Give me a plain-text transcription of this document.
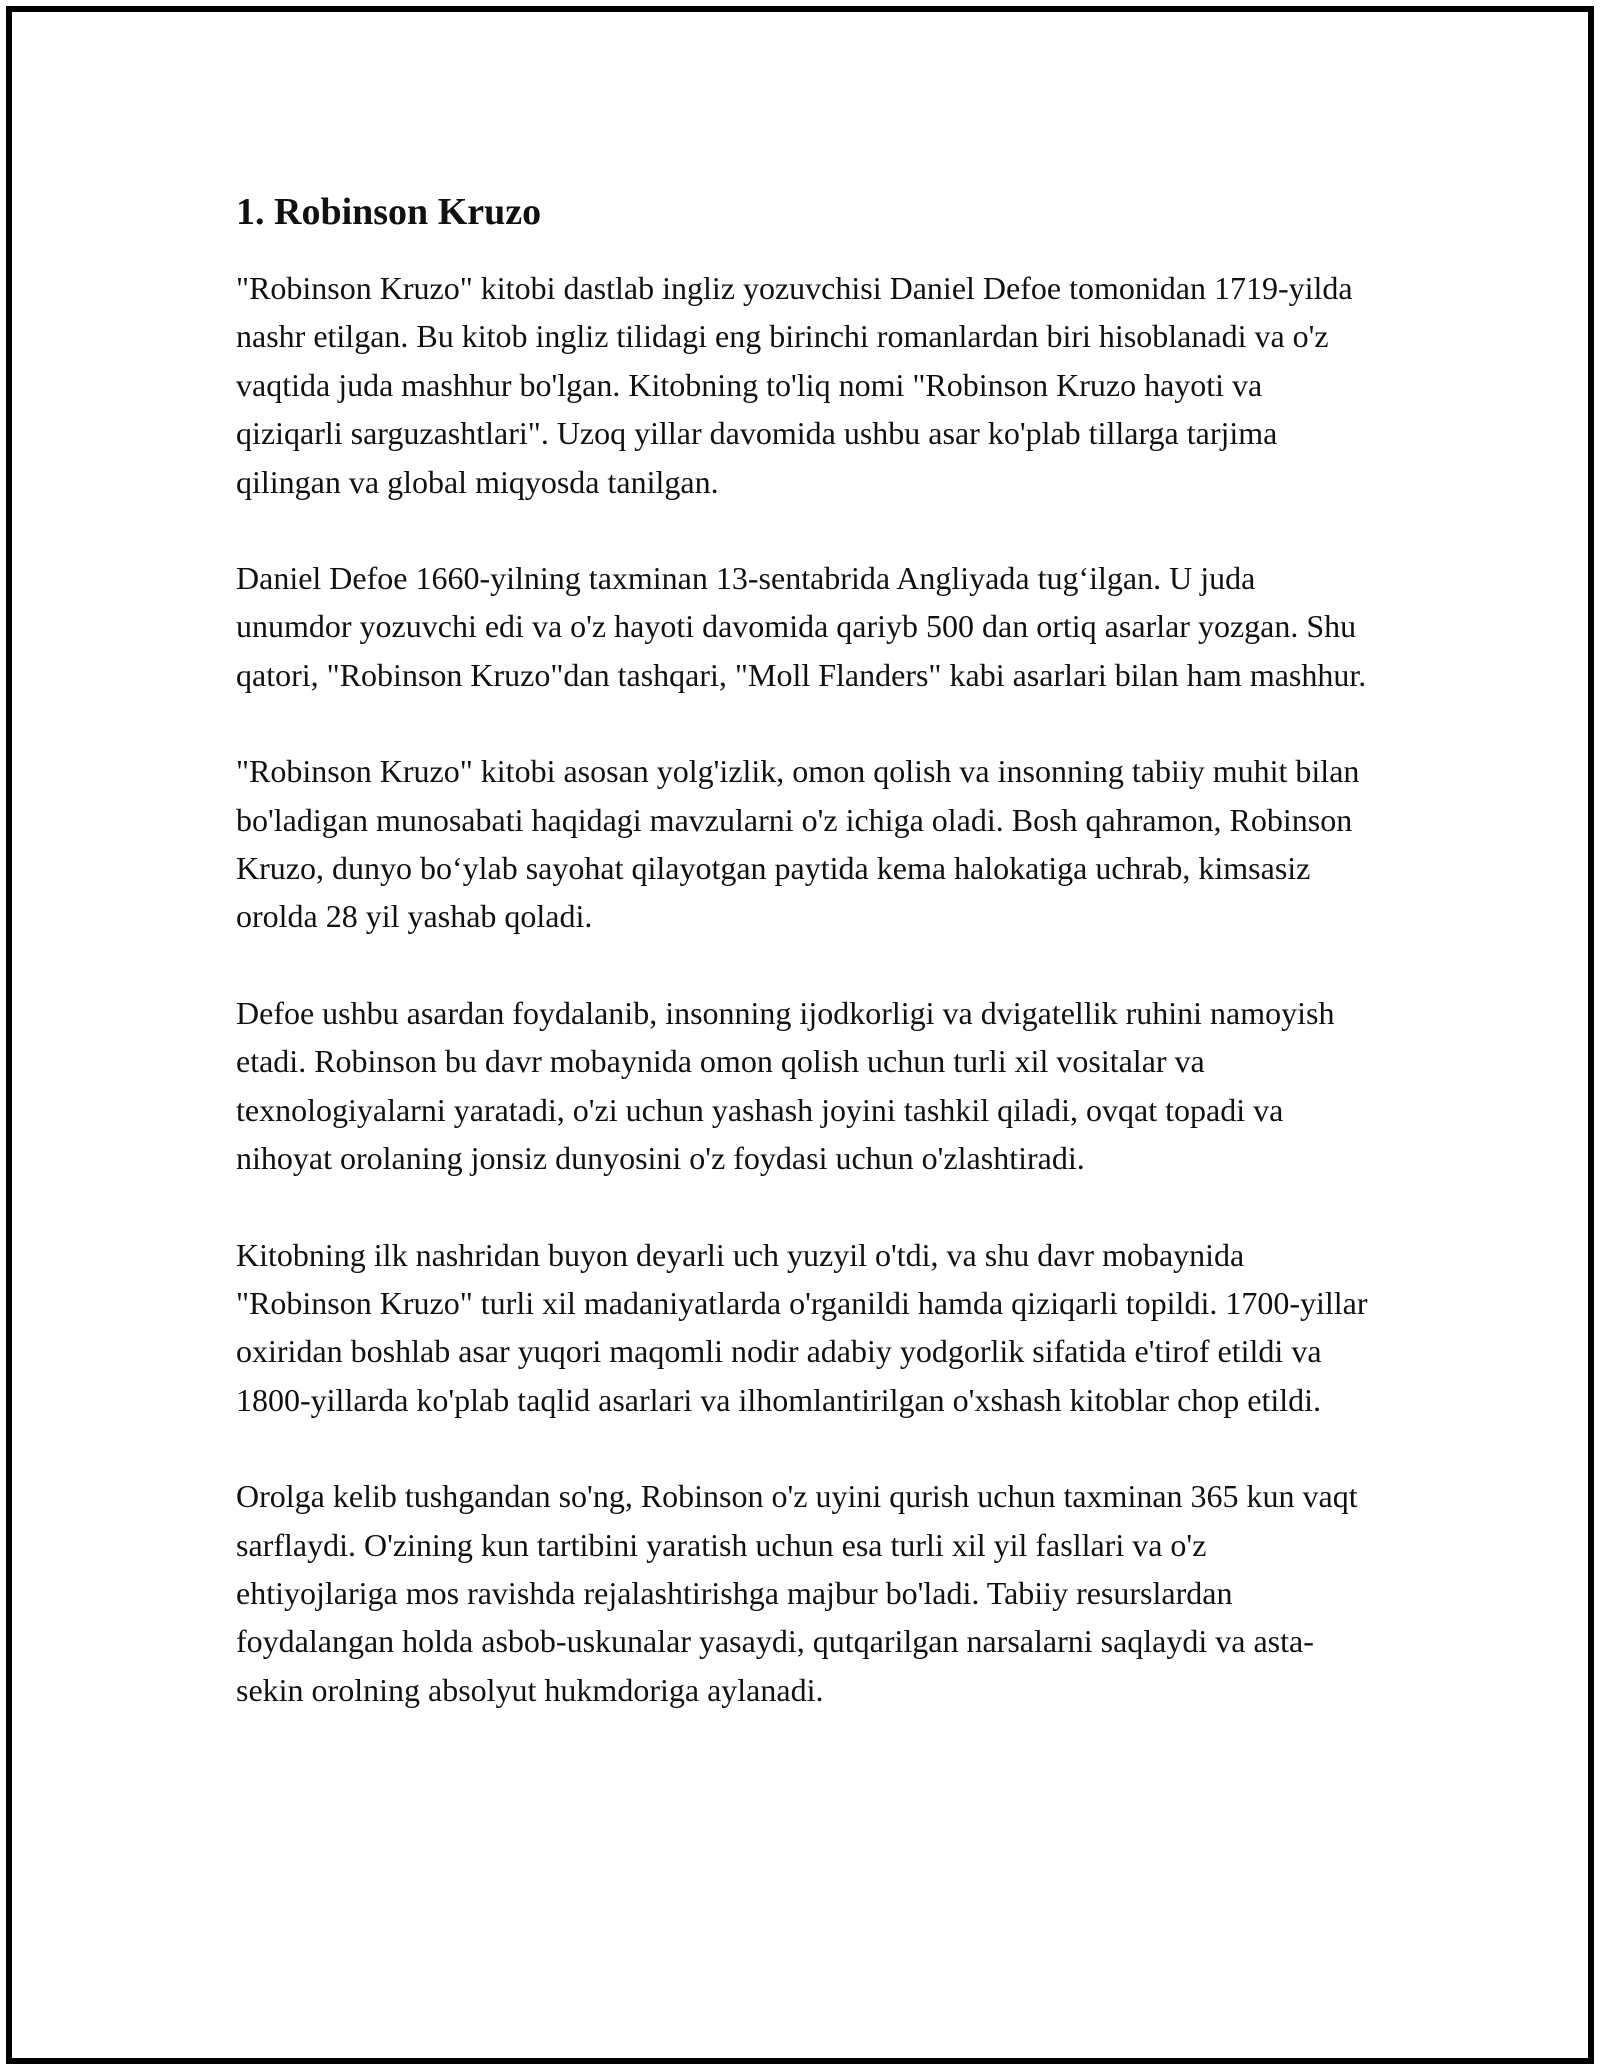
1. Robinson Kruzo

"Robinson Kruzo" kitobi dastlab ingliz yozuvchisi Daniel Defoe tomonidan 1719-yilda nashr etilgan. Bu kitob ingliz tilidagi eng birinchi romanlardan biri hisoblanadi va o'z vaqtida juda mashhur bo'lgan. Kitobning to'liq nomi "Robinson Kruzo hayoti va qiziqarli sarguzashtlari". Uzoq yillar davomida ushbu asar ko'plab tillarga tarjima qilingan va global miqyosda tanilgan.

Daniel Defoe 1660-yilning taxminan 13-sentabrida Angliyada tug‘ilgan. U juda unumdor yozuvchi edi va o'z hayoti davomida qariyb 500 dan ortiq asarlar yozgan. Shu qatori, "Robinson Kruzo"dan tashqari, "Moll Flanders" kabi asarlari bilan ham mashhur.

"Robinson Kruzo" kitobi asosan yolg'izlik, omon qolish va insonning tabiiy muhit bilan bo'ladigan munosabati haqidagi mavzularni o'z ichiga oladi. Bosh qahramon, Robinson Kruzo, dunyo bo‘ylab sayohat qilayotgan paytida kema halokatiga uchrab, kimsasiz orolda 28 yil yashab qoladi.

Defoe ushbu asardan foydalanib, insonning ijodkorligi va dvigatellik ruhini namoyish etadi. Robinson bu davr mobaynida omon qolish uchun turli xil vositalar va texnologiyalarni yaratadi, o'zi uchun yashash joyini tashkil qiladi, ovqat topadi va nihoyat orolaning jonsiz dunyosini o'z foydasi uchun o'zlashtiradi.

Kitobning ilk nashridan buyon deyarli uch yuzyil o'tdi, va shu davr mobaynida "Robinson Kruzo" turli xil madaniyatlarda o'rganildi hamda qiziqarli topildi. 1700-yillar oxiridan boshlab asar yuqori maqomli nodir adabiy yodgorlik sifatida e'tirof etildi va 1800-yillarda ko'plab taqlid asarlari va ilhomlantirilgan o'xshash kitoblar chop etildi.

Orolga kelib tushgandan so'ng, Robinson o'z uyini qurish uchun taxminan 365 kun vaqt sarflaydi. O'zining kun tartibini yaratish uchun esa turli xil yil fasllari va o'z ehtiyojlariga mos ravishda rejalashtirishga majbur bo'ladi. Tabiiy resurslardan foydalangan holda asbob-uskunalar yasaydi, qutqarilgan narsalarni saqlaydi va asta-sekin orolning absolyut hukmdoriga aylanadi.
